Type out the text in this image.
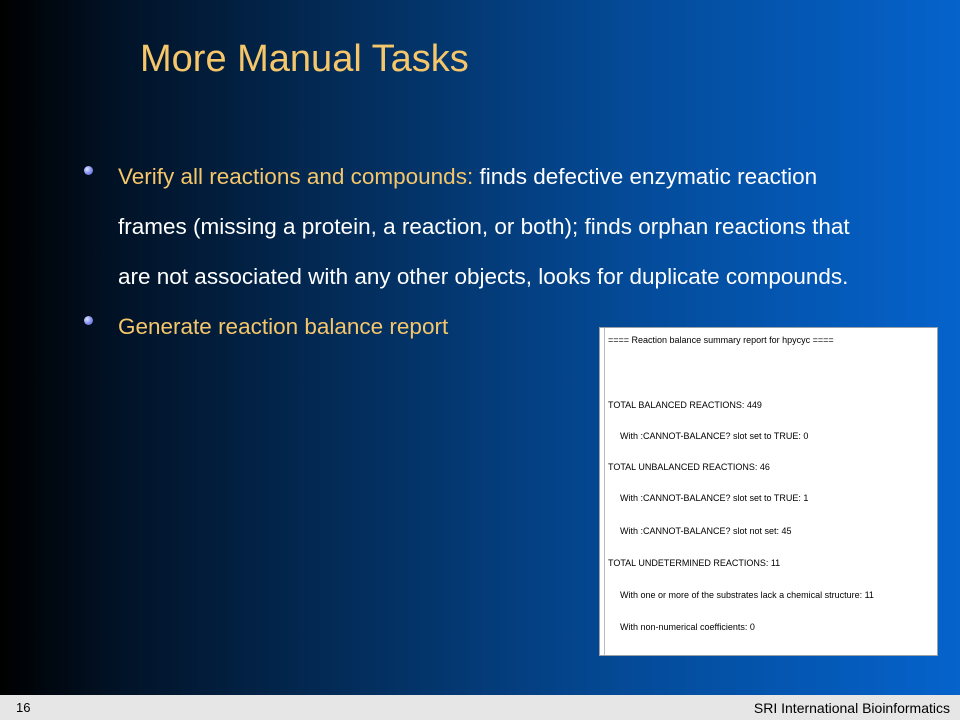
More Manual Tasks
Verify all reactions and compounds: finds defective enzymatic reaction frames (missing a protein, a reaction, or both); finds orphan reactions that are not associated with any other objects, looks for duplicate compounds.
Generate reaction balance report
==== Reaction balance summary report for hpycyc ====
TOTAL BALANCED REACTIONS: 449
With :CANNOT-BALANCE? slot set to TRUE: 0
TOTAL UNBALANCED REACTIONS: 46
With :CANNOT-BALANCE? slot set to TRUE: 1
With :CANNOT-BALANCE? slot not set: 45
TOTAL UNDETERMINED REACTIONS: 11
With one or more of the substrates lack a chemical structure: 11
With non-numerical coefficients: 0
16	SRI International Bioinformatics
